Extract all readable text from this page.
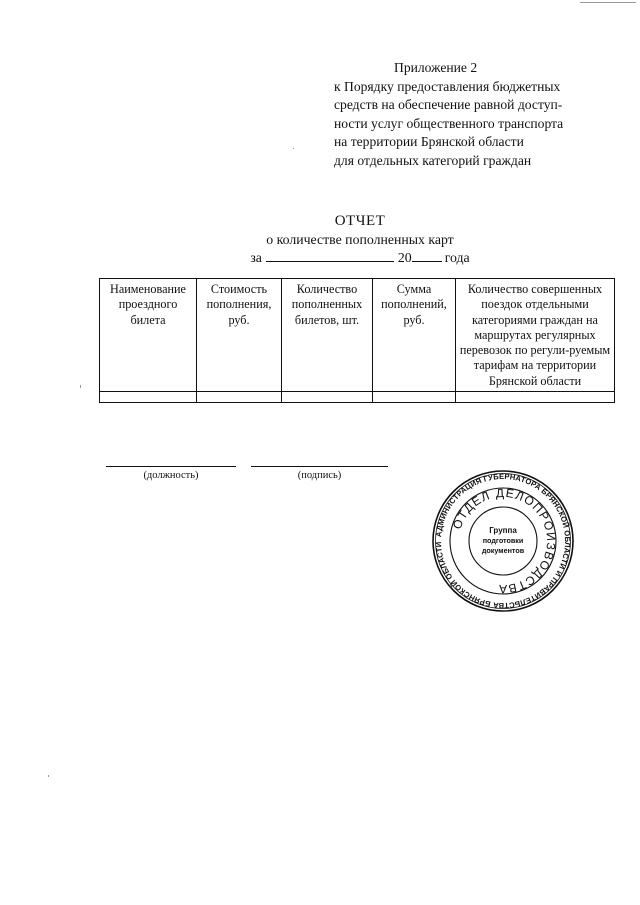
Приложение 2
к Порядку предоставления бюджетных
средств на обеспечение равной доступ-
ности услуг общественного транспорта
на территории Брянской области
для отдельных категорий граждан
ОТЧЕТ
о количестве пополненных карт
за	20 года
Наименование проездного билета	Стоимость пополнения, руб.	Количество пополненных билетов, шт.	Сумма пополнений, руб.	Количество совершенных поездок отдельными категориями граждан на маршрутах регулярных перевозок по регули-руемым тарифам на территории Брянской области

(должность)	(подпись)
АДМИНИСТРАЦИЯ ГУБЕРНАТОРА БРЯНСКОЙ ОБЛАСТИ И ПРАВИТЕЛЬСТВА БРЯНСКОЙ ОБЛАСТИ
ОТДЕЛ ДЕЛОПРОИЗВОДСТВА
Группа
подготовки
документов
